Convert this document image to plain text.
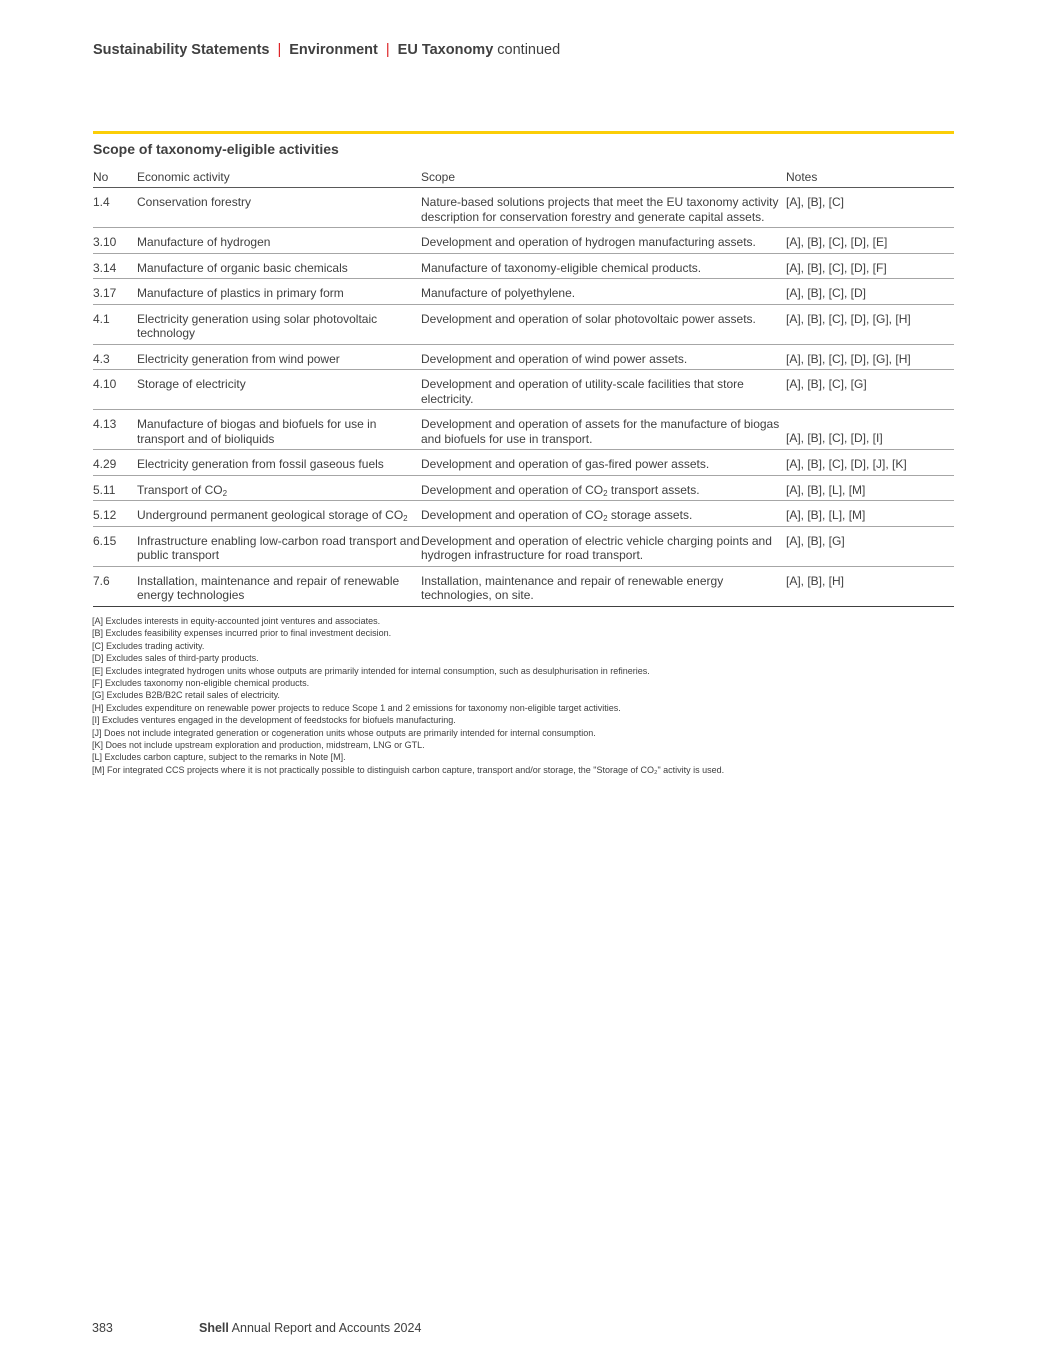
Sustainability Statements | Environment | EU Taxonomy continued
Scope of taxonomy-eligible activities
No	Economic activity	Scope	Notes
1.4	Conservation forestry	Nature-based solutions projects that meet the EU taxonomy activity description for conservation forestry and generate capital assets.	[A], [B], [C]
3.10	Manufacture of hydrogen	Development and operation of hydrogen manufacturing assets.	[A], [B], [C], [D], [E]
3.14	Manufacture of organic basic chemicals	Manufacture of taxonomy-eligible chemical products.	[A], [B], [C], [D], [F]
3.17	Manufacture of plastics in primary form	Manufacture of polyethylene.	[A], [B], [C], [D]
4.1	Electricity generation using solar photovoltaic technology	Development and operation of solar photovoltaic power assets.	[A], [B], [C], [D], [G], [H]
4.3	Electricity generation from wind power	Development and operation of wind power assets.	[A], [B], [C], [D], [G], [H]
4.10	Storage of electricity	Development and operation of utility-scale facilities that store electricity.	[A], [B], [C], [G]
4.13	Manufacture of biogas and biofuels for use in transport and of bioliquids	Development and operation of assets for the manufacture of biogas and biofuels for use in transport.	[A], [B], [C], [D], [I]
4.29	Electricity generation from fossil gaseous fuels	Development and operation of gas-fired power assets.	[A], [B], [C], [D], [J], [K]
5.11	Transport of $CO_2$	Development and operation of $CO_2$ transport assets.	[A], [B], [L], [M]
5.12	Underground permanent geological storage of $CO_2$	Development and operation of $CO_2$ storage assets.	[A], [B], [L], [M]
6.15	Infrastructure enabling low-carbon road transport and public transport	Development and operation of electric vehicle charging points and hydrogen infrastructure for road transport.	[A], [B], [G]
7.6	Installation, maintenance and repair of renewable energy technologies	Installation, maintenance and repair of renewable energy technologies, on site.	[A], [B], [H]
[A] Excludes interests in equity-accounted joint ventures and associates.
[B] Excludes feasibility expenses incurred prior to final investment decision.
[C] Excludes trading activity.
[D] Excludes sales of third-party products.
[E] Excludes integrated hydrogen units whose outputs are primarily intended for internal consumption, such as desulphurisation in refineries.
[F] Excludes taxonomy non-eligible chemical products.
[G] Excludes B2B/B2C retail sales of electricity.
[H] Excludes expenditure on renewable power projects to reduce Scope 1 and 2 emissions for taxonomy non-eligible target activities.
[I] Excludes ventures engaged in the development of feedstocks for biofuels manufacturing.
[J] Does not include integrated generation or cogeneration units whose outputs are primarily intended for internal consumption.
[K] Does not include upstream exploration and production, midstream, LNG or GTL.
[L] Excludes carbon capture, subject to the remarks in Note [M].
[M] For integrated CCS projects where it is not practically possible to distinguish carbon capture, transport and/or storage, the "Storage of CO₂" activity is used.
383	Shell Annual Report and Accounts 2024
